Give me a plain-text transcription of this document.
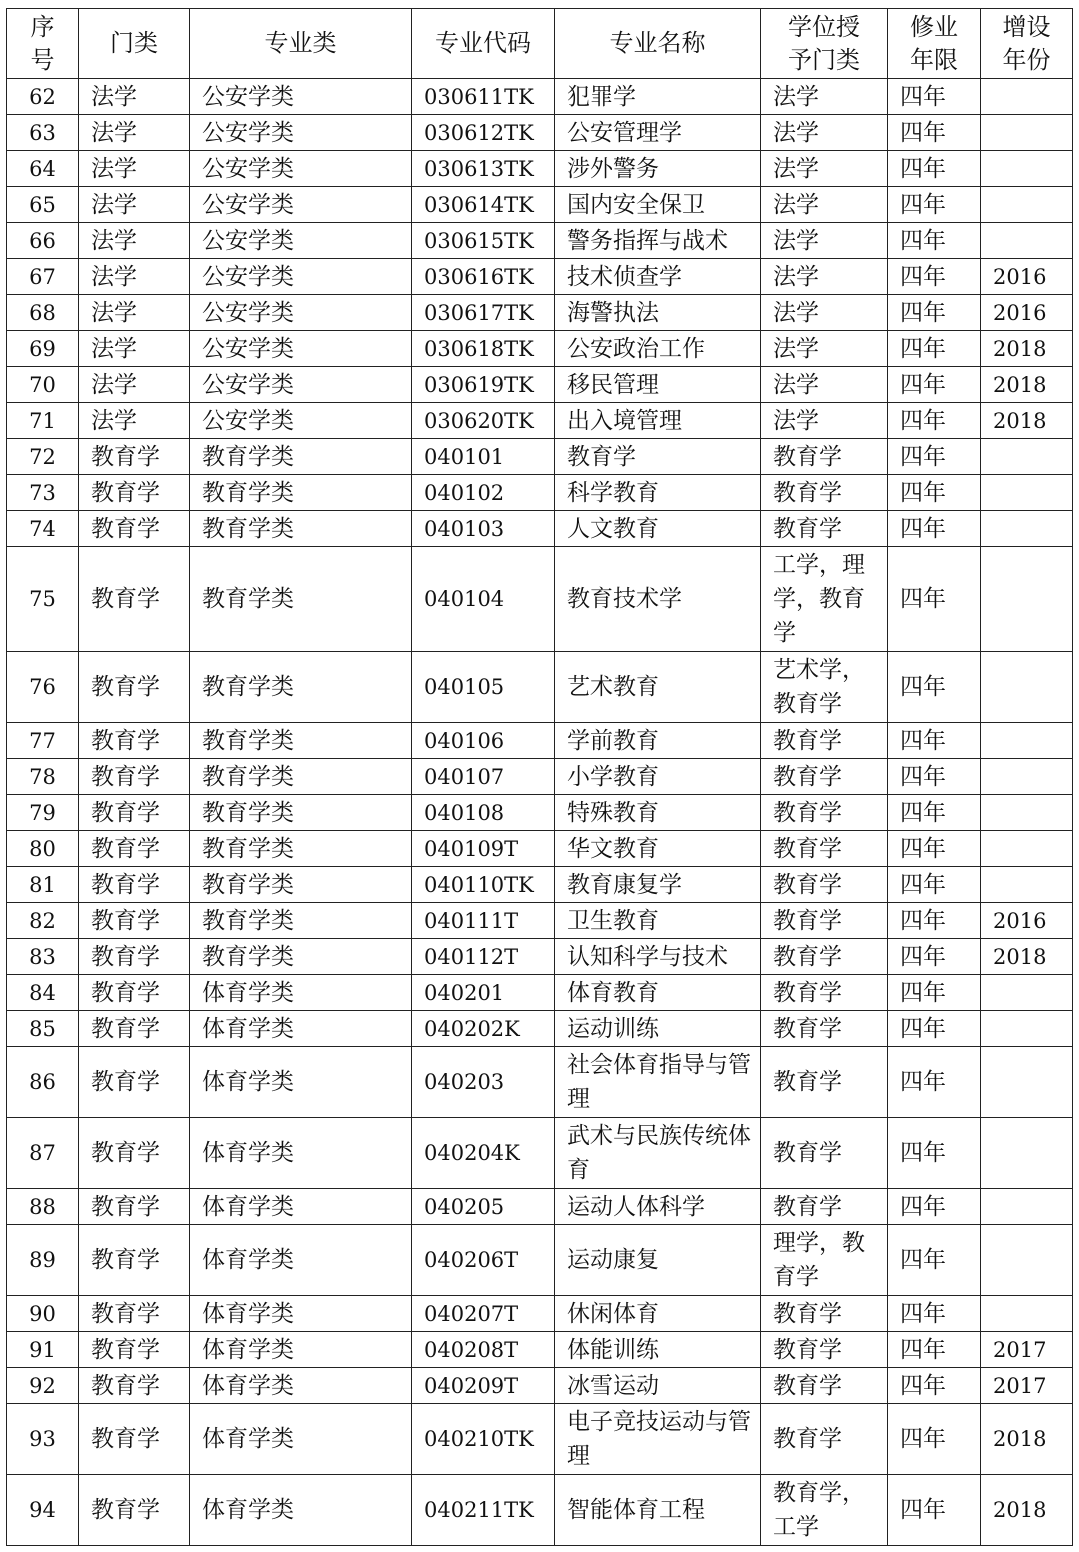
序号	门类	专业类	专业代码	专业名称	学位授予门类	修业年限	增设年份
62	法学	公安学类	030611TK	犯罪学	法学	四年	
63	法学	公安学类	030612TK	公安管理学	法学	四年	
64	法学	公安学类	030613TK	涉外警务	法学	四年	
65	法学	公安学类	030614TK	国内安全保卫	法学	四年	
66	法学	公安学类	030615TK	警务指挥与战术	法学	四年	
67	法学	公安学类	030616TK	技术侦查学	法学	四年	2016
68	法学	公安学类	030617TK	海警执法	法学	四年	2016
69	法学	公安学类	030618TK	公安政治工作	法学	四年	2018
70	法学	公安学类	030619TK	移民管理	法学	四年	2018
71	法学	公安学类	030620TK	出入境管理	法学	四年	2018
72	教育学	教育学类	040101	教育学	教育学	四年	
73	教育学	教育学类	040102	科学教育	教育学	四年	
74	教育学	教育学类	040103	人文教育	教育学	四年	
75	教育学	教育学类	040104	教育技术学	工学，理学，教育学	四年	
76	教育学	教育学类	040105	艺术教育	艺术学，教育学	四年	
77	教育学	教育学类	040106	学前教育	教育学	四年	
78	教育学	教育学类	040107	小学教育	教育学	四年	
79	教育学	教育学类	040108	特殊教育	教育学	四年	
80	教育学	教育学类	040109T	华文教育	教育学	四年	
81	教育学	教育学类	040110TK	教育康复学	教育学	四年	
82	教育学	教育学类	040111T	卫生教育	教育学	四年	2016
83	教育学	教育学类	040112T	认知科学与技术	教育学	四年	2018
84	教育学	体育学类	040201	体育教育	教育学	四年	
85	教育学	体育学类	040202K	运动训练	教育学	四年	
86	教育学	体育学类	040203	社会体育指导与管理	教育学	四年	
87	教育学	体育学类	040204K	武术与民族传统体育	教育学	四年	
88	教育学	体育学类	040205	运动人体科学	教育学	四年	
89	教育学	体育学类	040206T	运动康复	理学，教育学	四年	
90	教育学	体育学类	040207T	休闲体育	教育学	四年	
91	教育学	体育学类	040208T	体能训练	教育学	四年	2017
92	教育学	体育学类	040209T	冰雪运动	教育学	四年	2017
93	教育学	体育学类	040210TK	电子竞技运动与管理	教育学	四年	2018
94	教育学	体育学类	040211TK	智能体育工程	教育学，工学	四年	2018
